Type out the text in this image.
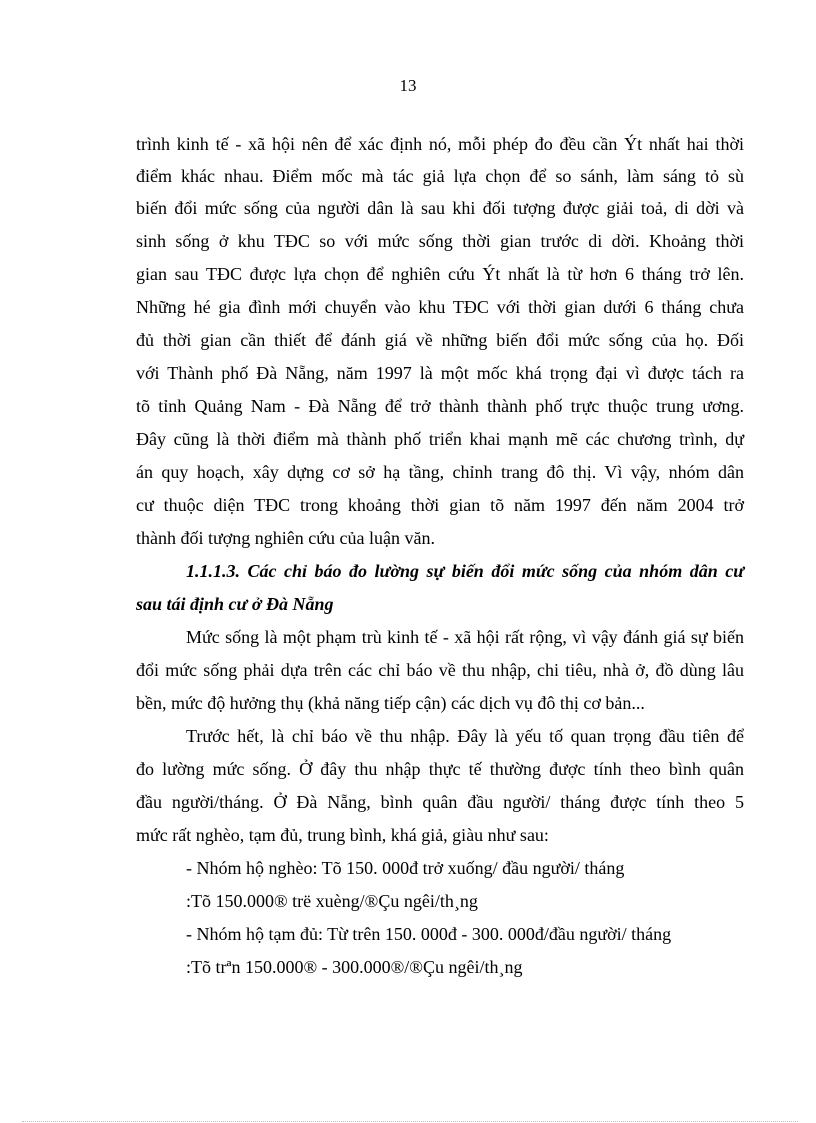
13
trình kinh tế - xã hội nên để xác định nó, mỗi phép đo đều cần Ýt nhất hai thời
điểm khác nhau. Điểm mốc mà tác giả lựa chọn để so sánh, làm sáng tỏ sù
biến đổi mức sống của người dân là sau khi đối tượng được giải toả, di dời và
sinh sống ở khu TĐC so với mức sống thời gian trước di dời. Khoảng thời
gian sau TĐC được lựa chọn để nghiên cứu Ýt nhất là từ hơn 6 tháng trở lên.
Những hé gia đình mới chuyển vào khu TĐC với thời gian dưới 6 tháng chưa
đủ thời gian cần thiết để đánh giá về những biến đổi mức sống của họ. Đối
với Thành phố Đà Nẵng, năm 1997 là một mốc khá trọng đại vì được tách ra
tõ tỉnh Quảng Nam - Đà Nẵng để trở thành thành phố trực thuộc trung ương.
Đây cũng là thời điểm mà thành phố triển khai mạnh mẽ các chương trình, dự
án quy hoạch, xây dựng cơ sở hạ tầng, chỉnh trang đô thị. Vì vậy, nhóm dân
cư thuộc diện TĐC trong khoảng thời gian tõ năm 1997 đến năm 2004 trở
thành đối tượng nghiên cứu của luận văn.
1.1.1.3. Các chỉ báo đo lường sự biến đổi mức sống của nhóm dân cư
sau tái định cư ở Đà Nẵng
Mức sống là một phạm trù kinh tế - xã hội rất rộng, vì vậy đánh giá sự biến
đổi mức sống phải dựa trên các chỉ báo về thu nhập, chi tiêu, nhà ở, đồ dùng lâu
bền, mức độ hưởng thụ (khả năng tiếp cận) các dịch vụ đô thị cơ bản...
Trước hết, là chỉ báo về thu nhập. Đây là yếu tố quan trọng đầu tiên để
đo lường mức sống. Ở đây thu nhập thực tế thường được tính theo bình quân
đầu người/tháng. Ở Đà Nẵng, bình quân đầu người/ tháng được tính theo 5
mức rất nghèo, tạm đủ, trung bình, khá giả, giàu như sau:
- Nhóm hộ nghèo: Tõ 150. 000đ trở xuống/ đầu người/ tháng
:Tõ 150.000® trë xuèng/®Çu ngêi/th¸ng
- Nhóm hộ tạm đủ: Từ trên 150. 000đ - 300. 000đ/đầu người/ tháng
:Tõ trªn 150.000® - 300.000®/®Çu ngêi/th¸ng
